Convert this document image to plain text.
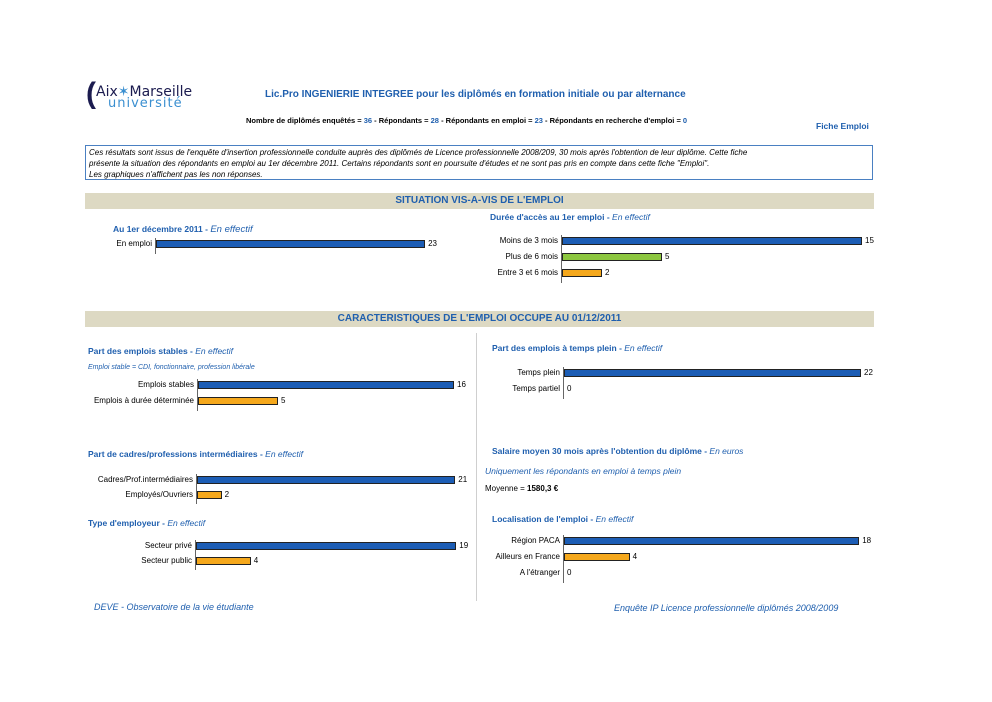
( Aix✶Marseille
université
Lic.Pro INGENIERIE INTEGREE pour les diplômés en formation initiale ou par alternance
Nombre de diplômés enquêtés = 36 - Répondants = 28 - Répondants en emploi = 23 - Répondants en recherche d'emploi = 0
Fiche Emploi
Ces résultats sont issus de l'enquête d'insertion professionnelle conduite auprès des diplômés de Licence professionnelle 2008/209, 30 mois après l'obtention de leur diplôme. Cette fiche
présente la situation des répondants en emploi au 1er décembre 2011. Certains répondants sont en poursuite d'études et ne sont pas pris en compte dans cette fiche "Emploi".
Les graphiques n'affichent pas les non réponses.
SITUATION VIS-A-VIS DE L'EMPLOI
CARACTERISTIQUES DE L'EMPLOI OCCUPE AU 01/12/2011
Au 1er décembre 2011 - En effectif
Durée d'accès au 1er emploi - En effectif
Part des emplois stables - En effectif
Emploi stable = CDI, fonctionnaire, profession libérale
Part des emplois à temps plein - En effectif
Part de cadres/professions intermédiaires - En effectif	Salaire moyen 30 mois après l'obtention du diplôme - En euros
Uniquement les répondants en emploi à temps plein
Moyenne = 1580,3 €
Type d'employeur - En effectif	Localisation de l'emploi - En effectif
DEVE - Observatoire de la vie étudiante	Enquête IP Licence professionnelle diplômés 2008/2009
En emploi	23	Moins de 3 mois	15
Plus de 6 mois	5
Entre 3 et 6 mois	2
Emplois stables	16
Emplois à durée déterminée	5
Temps plein	22
Temps partiel 0
Cadres/Prof.intermédiaires	21
Employés/Ouvriers	2
Secteur privé	19
Secteur public	4
Région PACA	18
Ailleurs en France	4
A l'étranger 0
